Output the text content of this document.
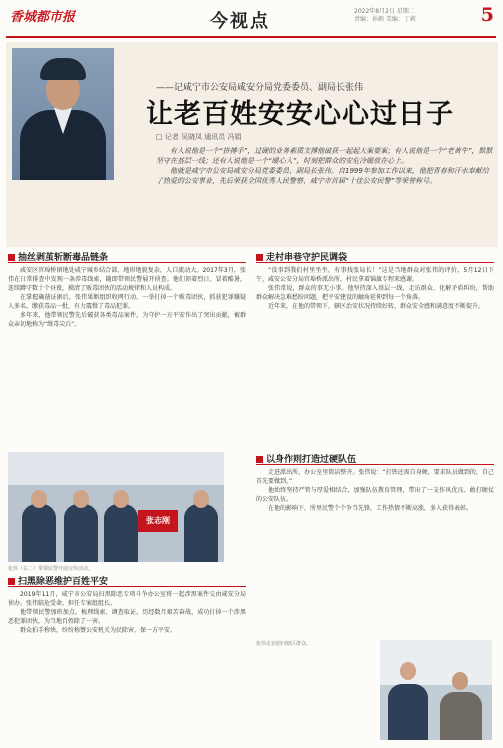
香城都市报	今视点	2022年8月2日 星期二
责编：孙鹤 美编：丁莉	5
——记咸宁市公安局咸安分局党委委员、副局长张伟
让老百姓安安心心过日子
□ 记者 吴晓凤 通讯员 冯娟

有人说他是一个“拼搏手”，过硬的业务素质支撑他破获一起起大案要案；有人说他是一个“老黄牛”，默默坚守在基层一线；还有人说他是一个“暖心人”，时刻把群众的安危冷暖放在心上。

他就是咸宁市公安局咸安分局党委委员、副局长张伟。自1999年参加工作以来，他把青春和汗水奉献给了热爱的公安事业，先后荣获全国优秀人民警察、咸宁市首届“十佳公安民警”等荣誉称号。

抽丝剥茧斩断毒品链条

咸安区官埠桥镇地处咸宁城乡结合部，地形地貌复杂，人口流动大。2017年3月，张伟在日常排查中发现一条涉毒线索，随即带领民警展开侦查。他们顶着烈日、冒着酷暑，连续蹲守数十个昼夜，摸清了贩毒团伙的活动规律和人员构成。

在掌握确凿证据后，张伟果断组织收网行动，一举打掉一个贩毒团伙，抓获犯罪嫌疑人多名，缴获毒品一批，有力震慑了毒品犯罪。

多年来，他带领民警先后破获各类毒品案件，为守护一方平安作出了突出贡献，被群众亲切地称为“缉毒尖兵”。

走村串巷守护民调袋

“没事到我们村里坐坐，有事找张局长！”这是当地群众对张伟的评价。5月12日下午，咸安公安分局官埠桥派出所，村民拿着锦旗专程来感谢。

张伟常说，群众的事无小事。他坚持深入基层一线，走访群众、化解矛盾纠纷，帮助群众解决急难愁盼问题，把平安建设的触角延伸到每一个角落。

近年来，在他的带领下，辖区治安状况持续好转，群众安全感和满意度不断提升。

张志刚
张伟（右二）带领民警开展宣传活动。
以身作则打造过硬队伍

走进派出所，办公室里简洁整齐。张伟说：“打铁还需自身硬，要求队员做到的，自己首先要做到。”

他始终坚持严管与厚爱相结合，加强队伍教育管理，带出了一支作风优良、敢打硬仗的公安队伍。

在他的影响下，所里民警个个争当先锋，工作热情不断高涨，多人获得表彰。

扫黑除恶维护百姓平安

2019年11月，咸宁市公安局扫黑除恶专项斗争办公室将一起涉黑案件交由咸安分局侦办。张伟临危受命，担任专案组组长。

他带领民警加班加点，梳理线索、调查取证，历经数月艰苦奋战，成功打掉一个涉黑恶犯罪团伙，为当地百姓除了一害。

群众拍手称快，纷纷称赞公安机关为民除害、保一方平安。

张伟走访慰问辖区群众。
